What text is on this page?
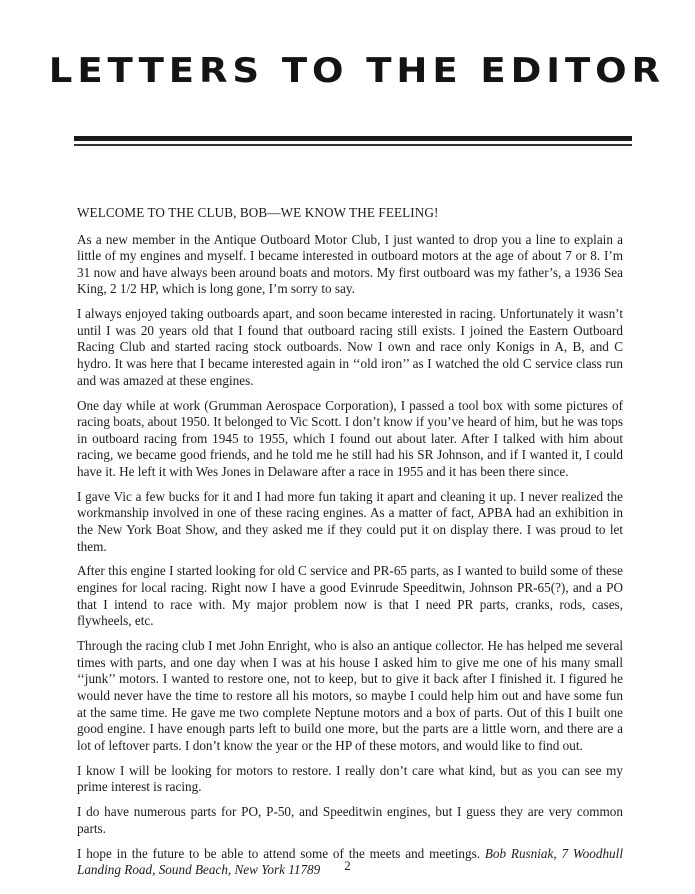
LETTERS TO THE EDITOR
WELCOME TO THE CLUB, BOB—WE KNOW THE FEELING!

As a new member in the Antique Outboard Motor Club, I just wanted to drop you a line to explain a little of my engines and myself. I became interested in outboard motors at the age of about 7 or 8. I’m 31 now and have always been around boats and motors. My first outboard was my father’s, a 1936 Sea King, 2 1/2 HP, which is long gone, I’m sorry to say.

I always enjoyed taking outboards apart, and soon became interested in racing. Unfortunately it wasn’t until I was 20 years old that I found that outboard racing still exists. I joined the Eastern Outboard Racing Club and started racing stock outboards. Now I own and race only Konigs in A, B, and C hydro. It was here that I became interested again in ‘‘old iron’’ as I watched the old C service class run and was amazed at these engines.

One day while at work (Grumman Aerospace Corporation), I passed a tool box with some pictures of racing boats, about 1950. It belonged to Vic Scott. I don’t know if you’ve heard of him, but he was tops in outboard racing from 1945 to 1955, which I found out about later. After I talked with him about racing, we became good friends, and he told me he still had his SR Johnson, and if I wanted it, I could have it. He left it with Wes Jones in Delaware after a race in 1955 and it has been there since.

I gave Vic a few bucks for it and I had more fun taking it apart and cleaning it up. I never realized the workmanship involved in one of these racing engines. As a matter of fact, APBA had an exhibition in the New York Boat Show, and they asked me if they could put it on display there. I was proud to let them.

After this engine I started looking for old C service and PR-65 parts, as I wanted to build some of these engines for local racing. Right now I have a good Evinrude Speeditwin, Johnson PR-65(?), and a PO that I intend to race with. My major problem now is that I need PR parts, cranks, rods, cases, flywheels, etc.

Through the racing club I met John Enright, who is also an antique collector. He has helped me several times with parts, and one day when I was at his house I asked him to give me one of his many small ‘‘junk’’ motors. I wanted to restore one, not to keep, but to give it back after I finished it. I figured he would never have the time to restore all his motors, so maybe I could help him out and have some fun at the same time. He gave me two complete Neptune motors and a box of parts. Out of this I built one good engine. I have enough parts left to build one more, but the parts are a little worn, and there are a lot of leftover parts. I don’t know the year or the HP of these motors, and would like to find out.

I know I will be looking for motors to restore. I really don’t care what kind, but as you can see my prime interest is racing.

I do have numerous parts for PO, P-50, and Speeditwin engines, but I guess they are very common parts.

I hope in the future to be able to attend some of the meets and meetings. Bob Rusniak, 7 Woodhull Landing Road, Sound Beach, New York 11789	2
